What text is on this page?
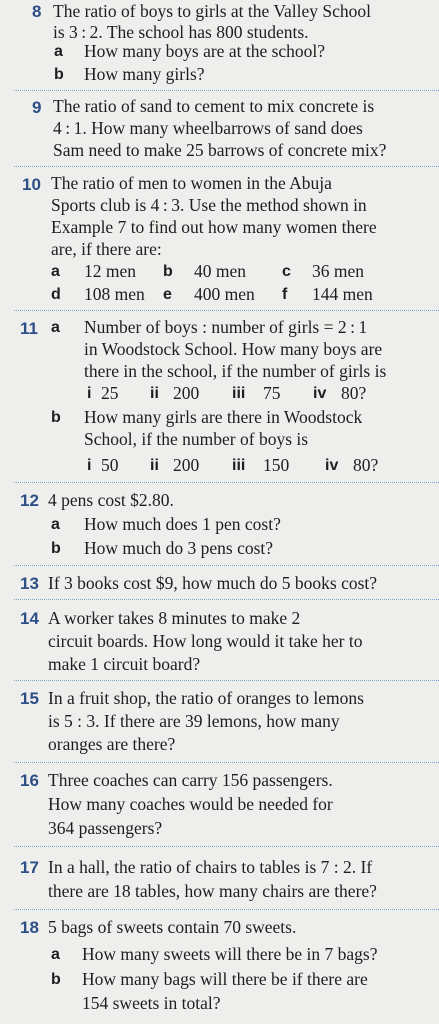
8 The ratio of boys to girls at the Valley School
is 3 : 2. The school has 800 students.
a How many boys are at the school?
b How many girls?
9 The ratio of sand to cement to mix concrete is
4 : 1. How many wheelbarrows of sand does
Sam need to make 25 barrows of concrete mix?
10 The ratio of men to women in the Abuja
Sports club is 4 : 3. Use the method shown in
Example 7 to find out how many women there
are, if there are:
a 12 men b 40 men c 36 men
d 108 men e 400 men f 144 men
11 a Number of boys : number of girls = 2 : 1
in Woodstock School. How many boys are
there in the school, if the number of girls is
i 25 ii 200 iii 75 iv 80?
b How many girls are there in Woodstock
School, if the number of boys is
i 50 ii 200 iii 150 iv 80?
12 4 pens cost $2.80.
a How much does 1 pen cost?
b How much do 3 pens cost?
13 If 3 books cost $9, how much do 5 books cost?
14 A worker takes 8 minutes to make 2
circuit boards. How long would it take her to
make 1 circuit board?
15 In a fruit shop, the ratio of oranges to lemons
is 5 : 3. If there are 39 lemons, how many
oranges are there?
16 Three coaches can carry 156 passengers.
How many coaches would be needed for
364 passengers?
17 In a hall, the ratio of chairs to tables is 7 : 2. If
there are 18 tables, how many chairs are there?
18 5 bags of sweets contain 70 sweets.
a How many sweets will there be in 7 bags?
b How many bags will there be if there are
154 sweets in total?
